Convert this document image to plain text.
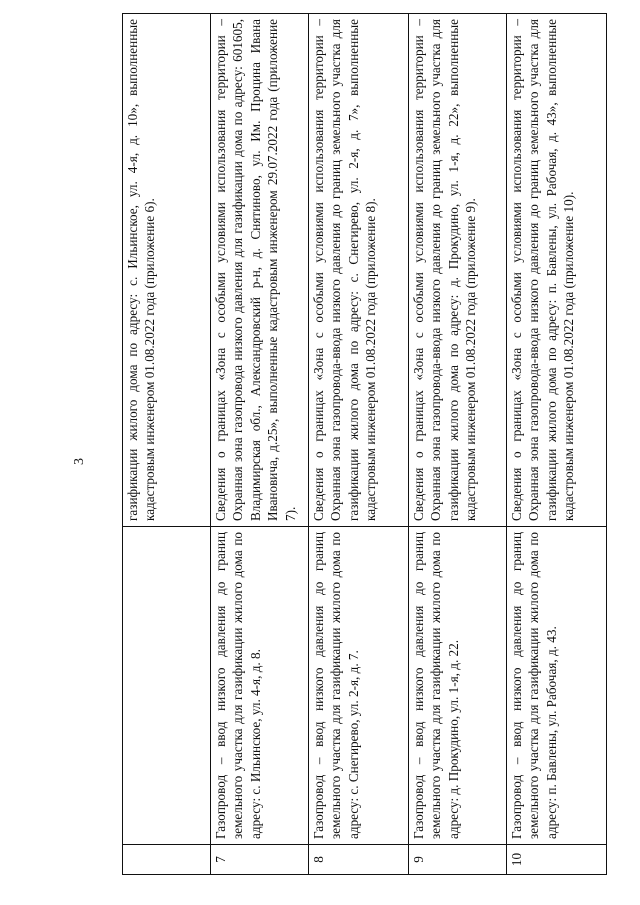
3
			газификации жилого дома по адресу: с. Ильинское, ул. 4-я, д. 10», выполненные кадастровым инженером 01.08.2022 года (приложение 6).
7	Газопровод – ввод низкого давления до границ земельного участка для газификации жилого дома по адресу: с. Ильинское, ул. 4-я, д. 8.	Сведения о границах «Зона с особыми условиями использования территории – Охранная зона газопровода низкого давления для газификации дома по адресу: 601605, Владимирская обл., Александровский р-н, д. Снятиново, ул. Им. Процина Ивана Ивановича, д.25», выполненные кадастровым инженером 29.07.2022 года (приложение 7).
8	Газопровод – ввод низкого давления до границ земельного участка для газификации жилого дома по адресу: с. Снегирево, ул. 2-я, д. 7.	Сведения о границах «Зона с особыми условиями использования территории – Охранная зона газопровода-ввода низкого давления до границ земельного участка для газификации жилого дома по адресу: с. Снегирево, ул. 2-я, д. 7», выполненные кадастровым инженером 01.08.2022 года (приложение 8).
9	Газопровод – ввод низкого давления до границ земельного участка для газификации жилого дома по адресу: д. Прокудино, ул. 1-я, д. 22.	Сведения о границах «Зона с особыми условиями использования территории – Охранная зона газопровода-ввода низкого давления до границ земельного участка для газификации жилого дома по адресу: д. Прокудино, ул. 1-я, д. 22», выполненные кадастровым инженером 01.08.2022 года (приложение 9).
10	Газопровод – ввод низкого давления до границ земельного участка для газификации жилого дома по адресу: п. Бавлены, ул. Рабочая, д. 43.	Сведения о границах «Зона с особыми условиями использования территории – Охранная зона газопровода-ввода низкого давления до границ земельного участка для газификации жилого дома по адресу: п. Бавлены, ул. Рабочая, д. 43», выполненные кадастровым инженером 01.08.2022 года (приложение 10).
